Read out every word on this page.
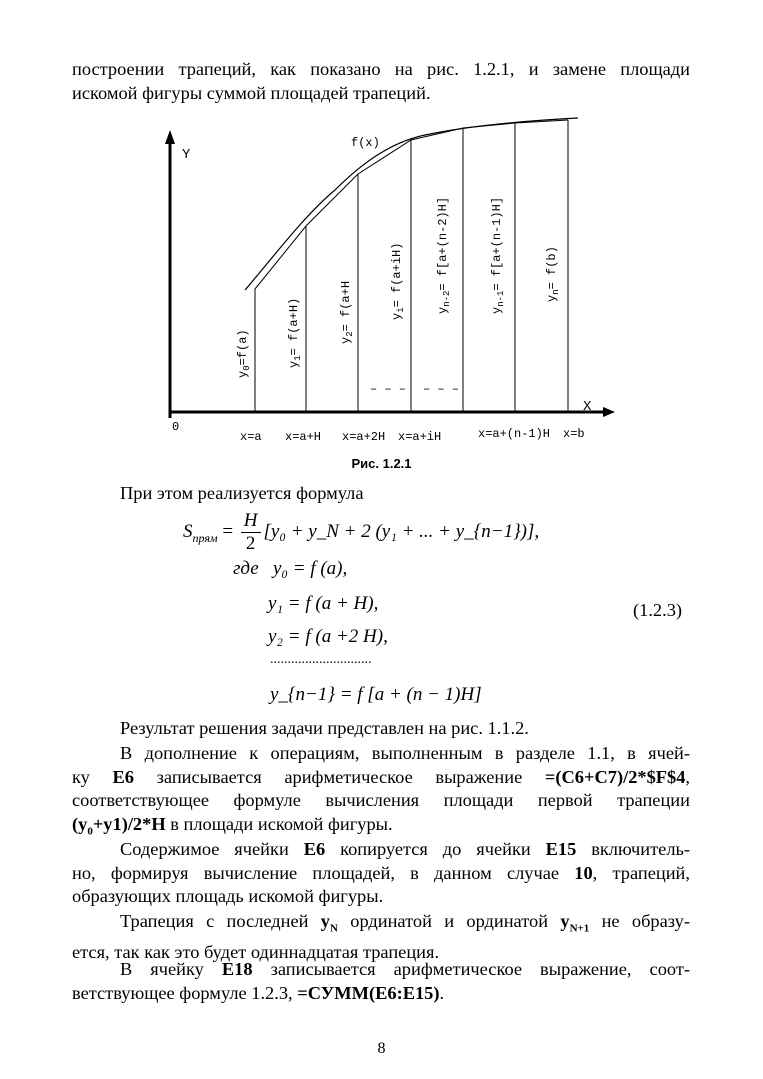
построении трапеций, как показано на рис. 1.2.1, и замене площади
искомой фигуры суммой площадей трапеций.
Y
X
0
f(x)
$y_0=f(a)$	$y_1= f(a+H)$	$y_2= f(a+H$	$y_i= f(a+iH)$
$y_{n-2}= f[a+(n-2)H]$
$y_{n-1}= f[a+(n-1)H]$
$y_n= f(b)$
– – – – – –
x=a x=a+H x=a+2H x=a+iH	x=a+(n-1)H x=b
Рис. 1.2.1
При этом реализуется формула
$S_{прям} = \frac{H}{2} [y_0$ + y_N + 2 (y₁ + ... + y_{n−1})],
где y₀ = f (a),
y₁ = f (a + H),
y₂ = f (a +2 H),
.............................
y_{n−1} = f [a + (n − 1)H]
(1.2.3)
Результат решения задачи представлен на рис. 1.1.2.
В дополнение к операциям, выполненным в разделе 1.1, в ячей-
ку E6 записывается арифметическое выражение =(C6+C7)/2*$F$4,
соответствующее формуле вычисления площади первой трапеции
$(y_0+y1)/2*H$ в площади искомой фигуры.
Содержимое ячейки E6 копируется до ячейки E15 включитель-
но, формируя вычисление площадей, в данном случае 10, трапеций,
образующих площадь искомой фигуры.
Трапеция с последней $y_N$ ординатой и ординатой $y_{N+1}$ не образу-
ется, так как это будет одиннадцатая трапеция.
В ячейку E18 записывается арифметическое выражение, соот-
ветствующее формуле 1.2.3, =СУММ(E6:E15).
8
